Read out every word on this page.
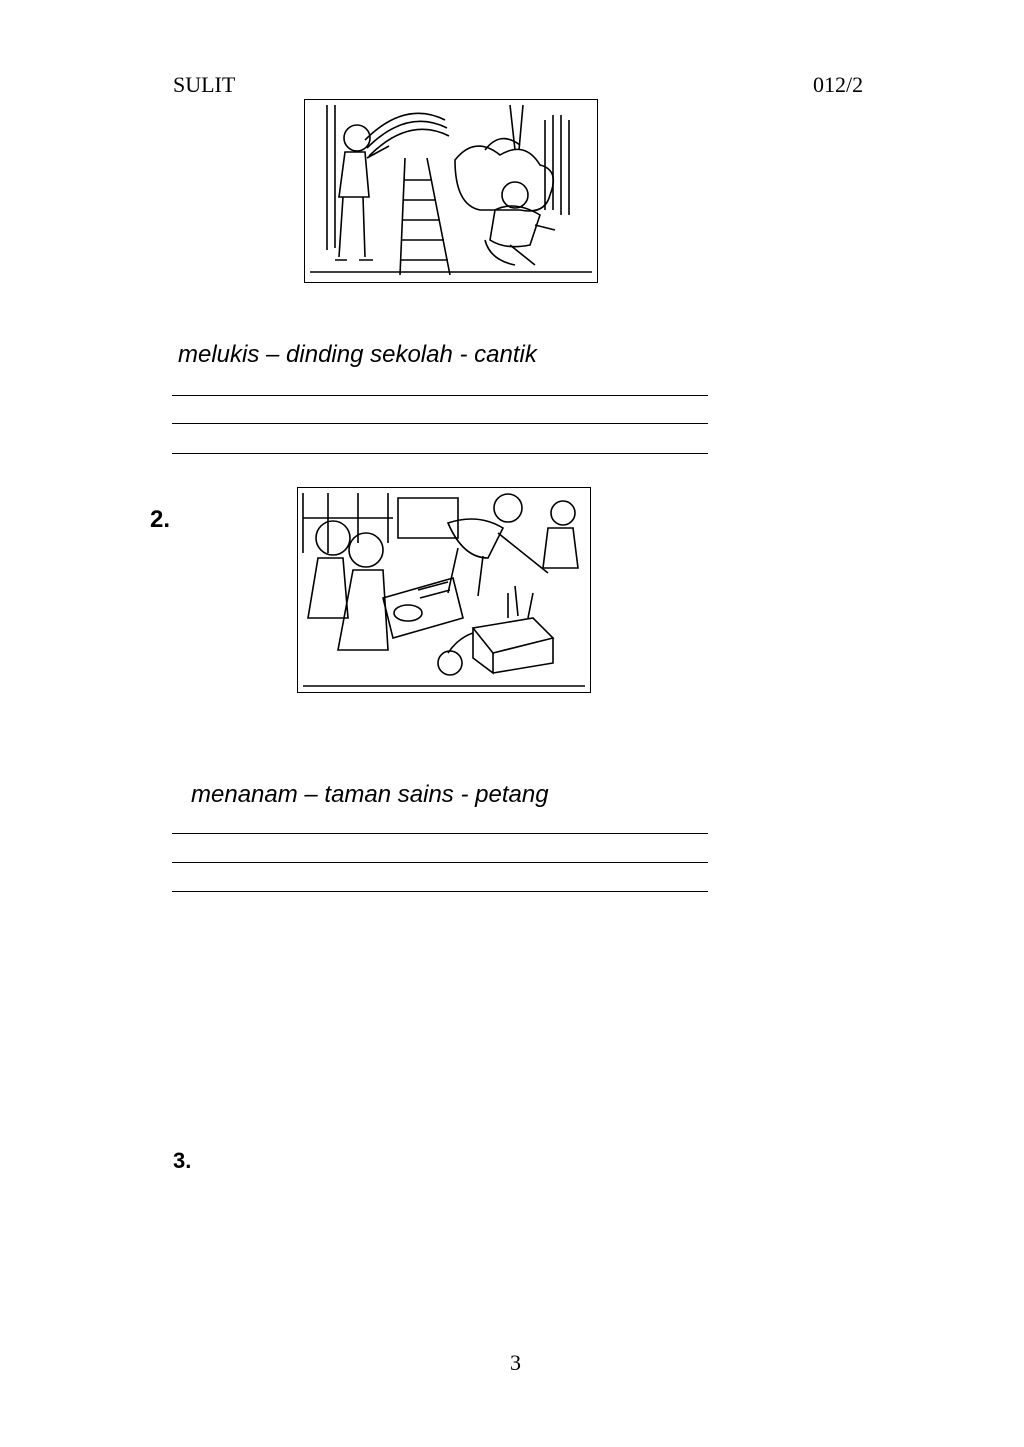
SULIT	012/2
melukis – dinding sekolah - cantik
2.
menanam – taman sains - petang
3.
3
